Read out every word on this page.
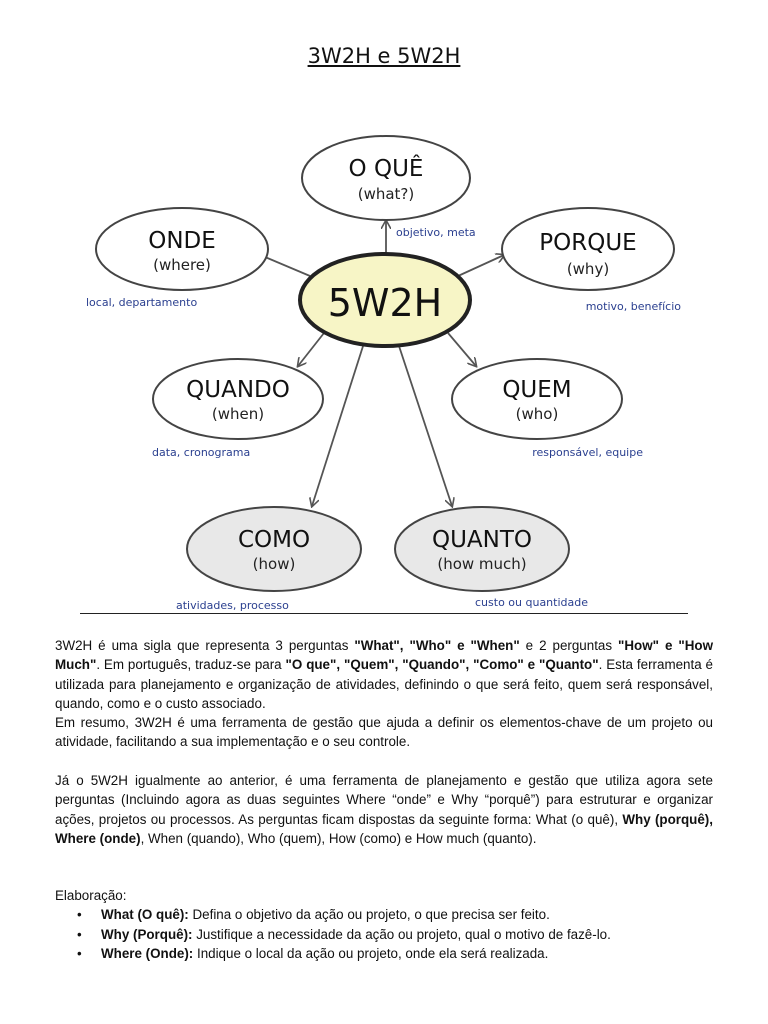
3W2H e 5W2H
5W2H
O QUÊ
(what?)
objetivo, meta
ONDE
(where)
local, departamento
PORQUE
(why)
motivo, benefício
QUANDO
(when)
data, cronograma
QUEM
(who)
responsável, equipe
COMO
(how)
atividades, processo
QUANTO
(how much)
custo ou quantidade

3W2H é uma sigla que representa 3 perguntas "What", "Who" e "When" e 2 perguntas "How" e "How Much". Em português, traduz-se para "O que", "Quem", "Quando", "Como" e "Quanto". Esta ferramenta é utilizada para planejamento e organização de atividades, definindo o que será feito, quem será responsável, quando, como e o custo associado.

Em resumo, 3W2H é uma ferramenta de gestão que ajuda a definir os elementos-chave de um projeto ou atividade, facilitando a sua implementação e o seu controle.

Já o 5W2H igualmente ao anterior, é uma ferramenta de planejamento e gestão que utiliza agora sete perguntas (Incluindo agora as duas seguintes Where “onde” e Why “porquê”) para estruturar e organizar ações, projetos ou processos. As perguntas ficam dispostas da seguinte forma: What (o quê), Why (porquê), Where (onde), When (quando), Who (quem), How (como) e How much (quanto).

Elaboração:
• What (O quê): Defina o objetivo da ação ou projeto, o que precisa ser feito.
• Why (Porquê): Justifique a necessidade da ação ou projeto, qual o motivo de fazê-lo.
• Where (Onde): Indique o local da ação ou projeto, onde ela será realizada.
